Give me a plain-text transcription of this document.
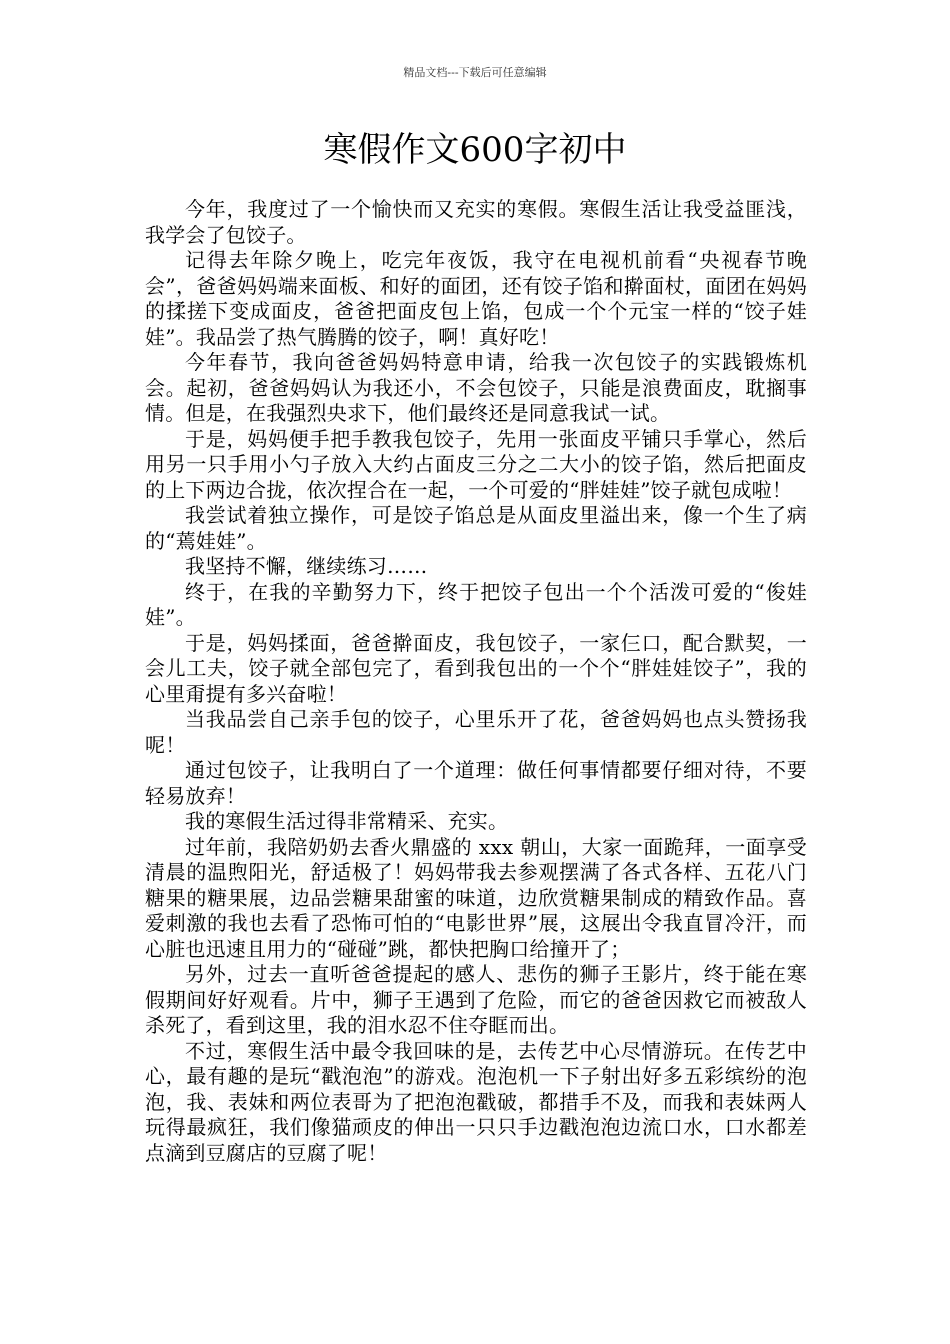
精品文档---下载后可任意编辑
寒假作文600字初中

今年，我度过了一个愉快而又充实的寒假。寒假生活让我受益匪浅，我学会了包饺子。

记得去年除夕晚上，吃完年夜饭，我守在电视机前看“央视春节晚会”，爸爸妈妈端来面板、和好的面团，还有饺子馅和擀面杖，面团在妈妈的揉搓下变成面皮，爸爸把面皮包上馅，包成一个个元宝一样的“饺子娃娃”。我品尝了热气腾腾的饺子，啊！真好吃！

今年春节，我向爸爸妈妈特意申请，给我一次包饺子的实践锻炼机会。起初，爸爸妈妈认为我还小，不会包饺子，只能是浪费面皮，耽搁事情。但是，在我强烈央求下，他们最终还是同意我试一试。

于是，妈妈便手把手教我包饺子，先用一张面皮平铺只手掌心，然后用另一只手用小勺子放入大约占面皮三分之二大小的饺子馅，然后把面皮的上下两边合拢，依次捏合在一起，一个可爱的“胖娃娃”饺子就包成啦！

我尝试着独立操作，可是饺子馅总是从面皮里溢出来，像一个生了病的“蔫娃娃”。

我坚持不懈，继续练习……

终于，在我的辛勤努力下，终于把饺子包出一个个活泼可爱的“俊娃娃”。

于是，妈妈揉面，爸爸擀面皮，我包饺子，一家仨口，配合默契，一会儿工夫，饺子就全部包完了，看到我包出的一个个“胖娃娃饺子”，我的心里甭提有多兴奋啦！

当我品尝自己亲手包的饺子，心里乐开了花，爸爸妈妈也点头赞扬我呢！

通过包饺子，让我明白了一个道理：做任何事情都要仔细对待，不要轻易放弃！

我的寒假生活过得非常精采、充实。

过年前，我陪奶奶去香火鼎盛的 xxx 朝山，大家一面跪拜，一面享受清晨的温煦阳光，舒适极了！妈妈带我去参观摆满了各式各样、五花八门糖果的糖果展，边品尝糖果甜蜜的味道，边欣赏糖果制成的精致作品。喜爱刺激的我也去看了恐怖可怕的“电影世界”展，这展出令我直冒冷汗，而心脏也迅速且用力的“碰碰”跳，都快把胸口给撞开了；

另外，过去一直听爸爸提起的感人、悲伤的狮子王影片，终于能在寒假期间好好观看。片中，狮子王遇到了危险，而它的爸爸因救它而被敌人杀死了，看到这里，我的泪水忍不住夺眶而出。

不过，寒假生活中最令我回味的是，去传艺中心尽情游玩。在传艺中心，最有趣的是玩“戳泡泡”的游戏。泡泡机一下子射出好多五彩缤纷的泡泡，我、表妹和两位表哥为了把泡泡戳破，都措手不及，而我和表妹两人玩得最疯狂，我们像猫顽皮的伸出一只只手边戳泡泡边流口水，口水都差点滴到豆腐店的豆腐了呢！
